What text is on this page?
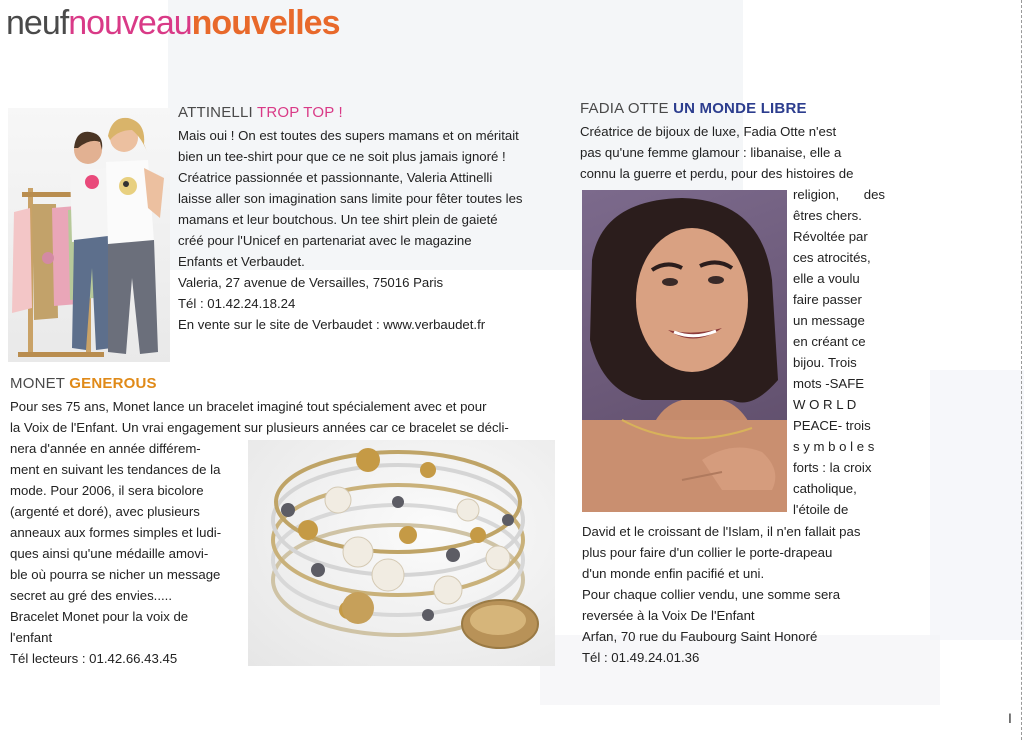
neufnouveaunouvelles
ATTINELLI TROP TOP !

Mais oui ! On est toutes des supers mamans et on méritait

bien un tee-shirt pour que ce ne soit plus jamais ignoré !

Créatrice passionnée et passionnante, Valeria Attinelli

laisse aller son imagination sans limite pour fêter toutes les

mamans et leur boutchous. Un tee shirt plein de gaieté

créé pour l'Unicef en partenariat avec le magazine

Enfants et Verbaudet.

Valeria, 27 avenue de Versailles, 75016 Paris

Tél : 01.42.24.18.24

En vente sur le site de Verbaudet : www.verbaudet.fr

MONET GENEROUS

Pour ses 75 ans, Monet lance un bracelet imaginé tout spécialement avec et pour

la Voix de l'Enfant. Un vrai engagement sur plusieurs années car ce bracelet se décli-

nera d'année en année différem-

ment en suivant les tendances de la

mode. Pour 2006, il sera bicolore

(argenté et doré), avec plusieurs

anneaux aux formes simples et ludi-

ques ainsi qu'une médaille amovi-

ble où pourra se nicher un message

secret au gré des envies.....

Bracelet Monet pour la voix de

l'enfant

Tél lecteurs : 01.42.66.43.45

FADIA OTTE UN MONDE LIBRE

Créatrice de bijoux de luxe, Fadia Otte n'est

pas qu'une femme glamour : libanaise, elle a

connu la guerre et perdu, pour des histoires de

religion, des

êtres chers.

Révoltée par

ces atrocités,

elle a voulu

faire passer

un message

en créant ce

bijou. Trois

mots -SAFE

W O R L D

PEACE- trois

s y m b o l e s

forts : la croix

catholique,

l'étoile de

David et le croissant de l'Islam, il n'en fallait pas

plus pour faire d'un collier le porte-drapeau

d'un monde enfin pacifié et uni.

Pour chaque collier vendu, une somme sera

reversée à la Voix De l'Enfant

Arfan, 70 rue du Faubourg Saint Honoré

Tél : 01.49.24.01.36

I
